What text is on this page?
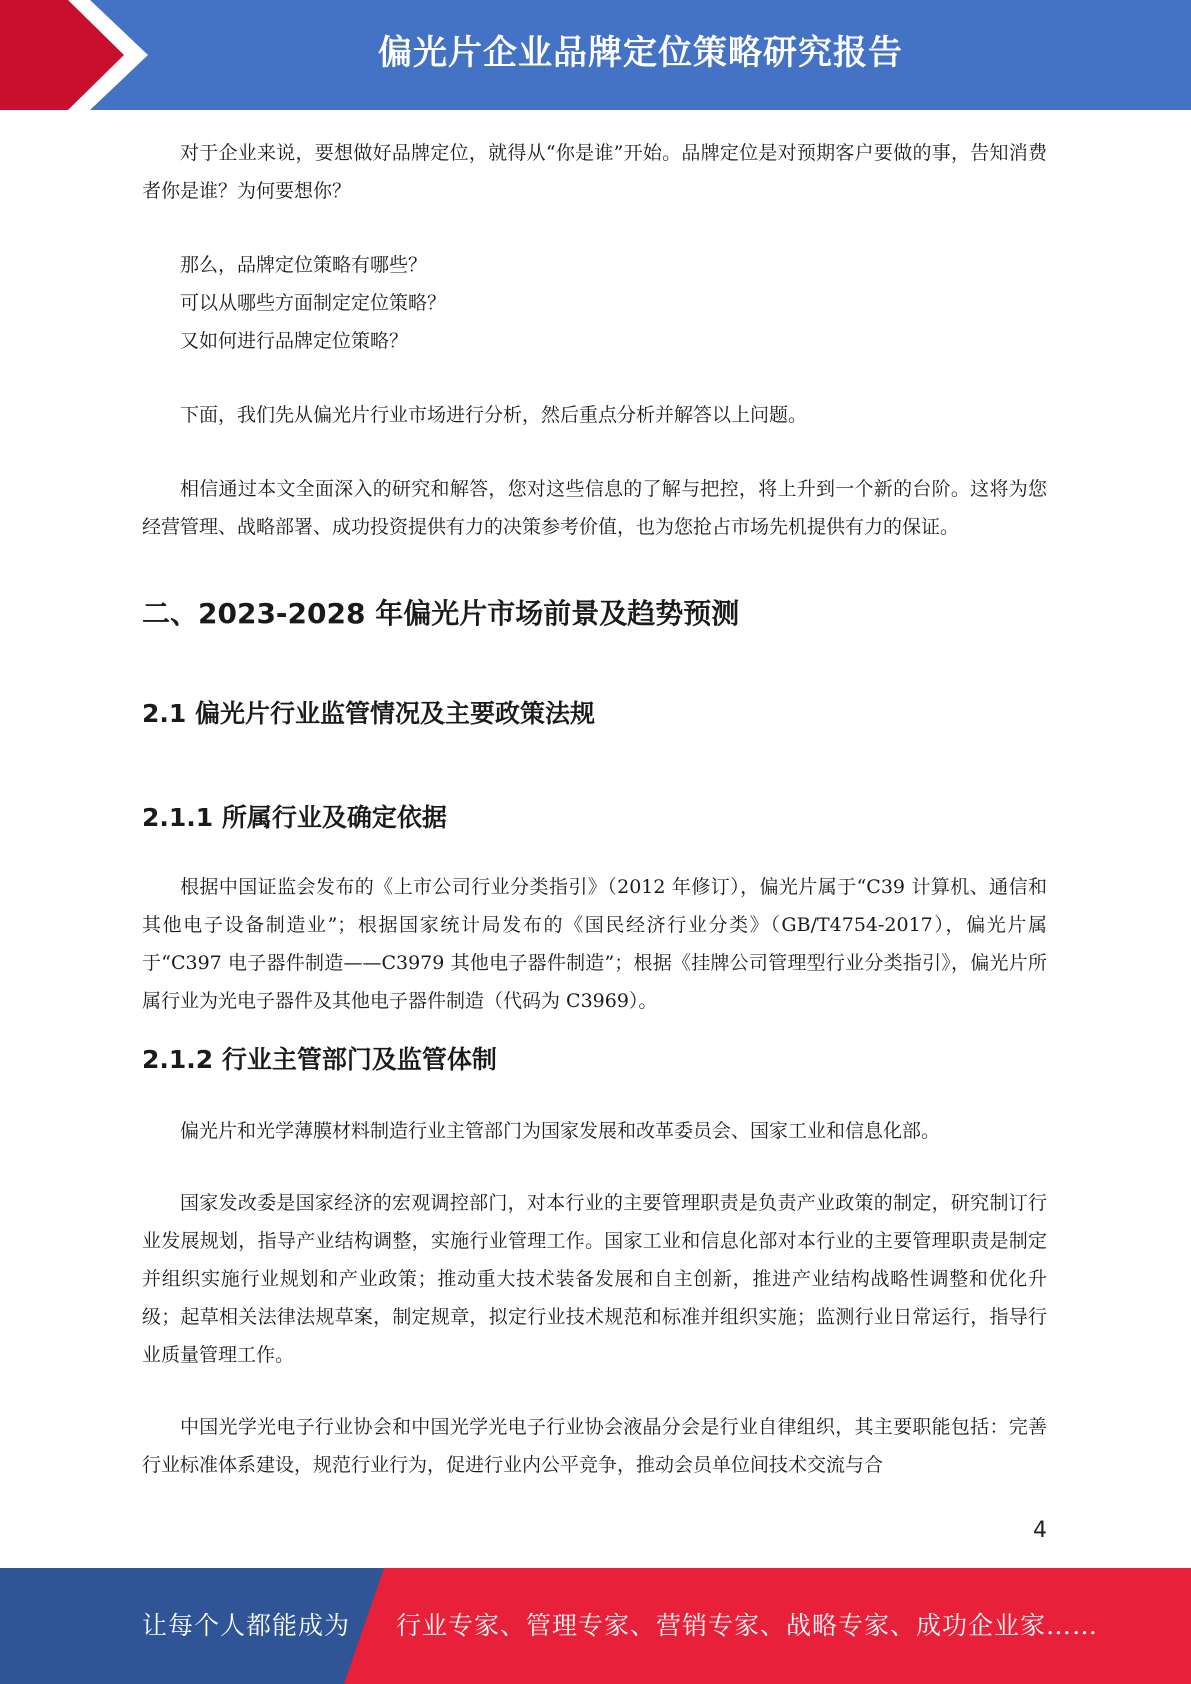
偏光片企业品牌定位策略研究报告

对于企业来说，要想做好品牌定位，就得从“你是谁”开始。品牌定位是对预期客户要做的事，告知消费者你是谁？为何要想你？

那么，品牌定位策略有哪些？

可以从哪些方面制定定位策略？

又如何进行品牌定位策略？

下面，我们先从偏光片行业市场进行分析，然后重点分析并解答以上问题。

相信通过本文全面深入的研究和解答，您对这些信息的了解与把控，将上升到一个新的台阶。这将为您经营管理、战略部署、成功投资提供有力的决策参考价值，也为您抢占市场先机提供有力的保证。

二、2023-2028 年偏光片市场前景及趋势预测
2.1 偏光片行业监管情况及主要政策法规
2.1.1 所属行业及确定依据

根据中国证监会发布的《上市公司行业分类指引》（2012 年修订），偏光片属于“C39 计算机、通信和其他电子设备制造业”；根据国家统计局发布的《国民经济行业分类》（GB/T4754-2017），偏光片属于“C397 电子器件制造——C3979 其他电子器件制造”；根据《挂牌公司管理型行业分类指引》，偏光片所属行业为光电子器件及其他电子器件制造（代码为 C3969）。

2.1.2 行业主管部门及监管体制

偏光片和光学薄膜材料制造行业主管部门为国家发展和改革委员会、国家工业和信息化部。

国家发改委是国家经济的宏观调控部门，对本行业的主要管理职责是负责产业政策的制定，研究制订行业发展规划，指导产业结构调整，实施行业管理工作。国家工业和信息化部对本行业的主要管理职责是制定并组织实施行业规划和产业政策；推动重大技术装备发展和自主创新，推进产业结构战略性调整和优化升级；起草相关法律法规草案，制定规章，拟定行业技术规范和标准并组织实施；监测行业日常运行，指导行业质量管理工作。

中国光学光电子行业协会和中国光学光电子行业协会液晶分会是行业自律组织，其主要职能包括：完善行业标准体系建设，规范行业行为，促进行业内公平竞争，推动会员单位间技术交流与合

4
让每个人都能成为 行业专家、管理专家、营销专家、战略专家、成功企业家……
